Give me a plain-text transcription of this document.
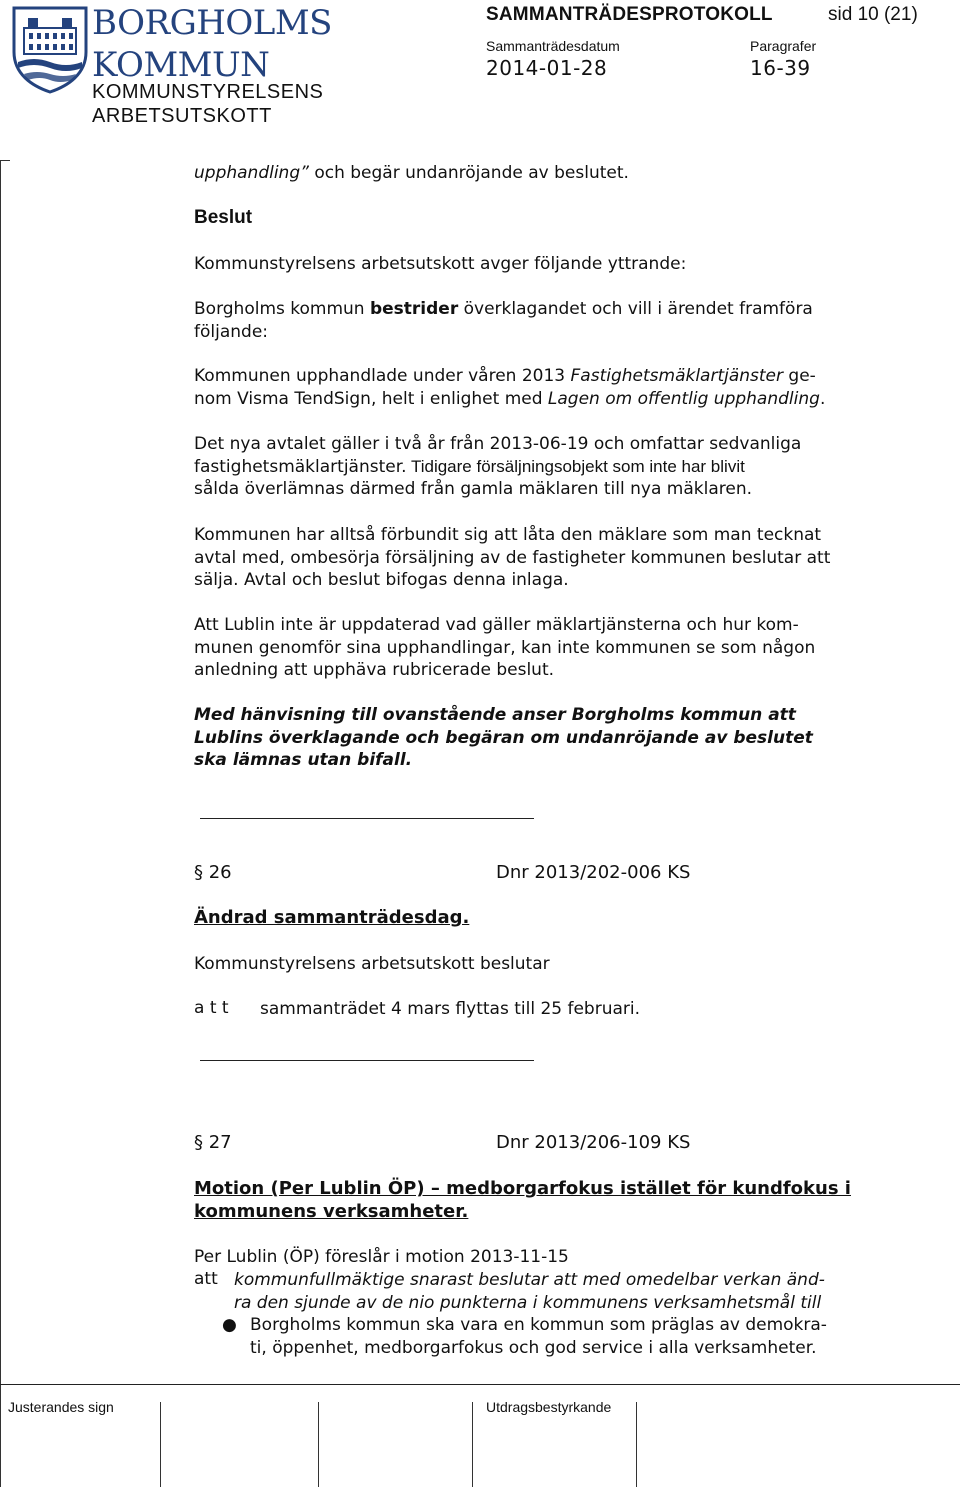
BORGHOLMS
KOMMUN
KOMMUNSTYRELSENS
ARBETSUTSKOTT
SAMMANTRÄDESPROTOKOLL	sid 10 (21)
Sammanträdesdatum	Paragrafer
2014-01-28	16-39
upphandling” och begär undanröjande av beslutet.
Beslut
Kommunstyrelsens arbetsutskott avger följande yttrande:
Borgholms kommun bestrider överklagandet och vill i ärendet framföra
följande:
Kommunen upphandlade under våren 2013 Fastighetsmäklartjänster ge-
nom Visma TendSign, helt i enlighet med Lagen om offentlig upphandling.
Det nya avtalet gäller i två år från 2013-06-19 och omfattar sedvanliga
fastighetsmäklartjänster. Tidigare försäljningsobjekt som inte har blivit
sålda överlämnas därmed från gamla mäklaren till nya mäklaren.
Kommunen har alltså förbundit sig att låta den mäklare som man tecknat
avtal med, ombesörja försäljning av de fastigheter kommunen beslutar att
sälja. Avtal och beslut bifogas denna inlaga.
Att Lublin inte är uppdaterad vad gäller mäklartjänsterna och hur kom-
munen genomför sina upphandlingar, kan inte kommunen se som någon
anledning att upphäva rubricerade beslut.
Med hänvisning till ovanstående anser Borgholms kommun att
Lublins överklagande och begäran om undanröjande av beslutet
ska lämnas utan bifall.
§ 26	Dnr 2013/202-006 KS
Ändrad sammanträdesdag.
Kommunstyrelsens arbetsutskott beslutar
a t t sammanträdet 4 mars flyttas till 25 februari.
§ 27	Dnr 2013/206-109 KS
Motion (Per Lublin ÖP) – medborgarfokus istället för kundfokus i
kommunens verksamheter.
Per Lublin (ÖP) föreslår i motion 2013-11-15
att kommunfullmäktige snarast beslutar att med omedelbar verkan änd-
ra den sjunde av de nio punkterna i kommunens verksamhetsmål till
● Borgholms kommun ska vara en kommun som präglas av demokra-
ti, öppenhet, medborgarfokus och god service i alla verksamheter.
Justerandes sign	Utdragsbestyrkande
